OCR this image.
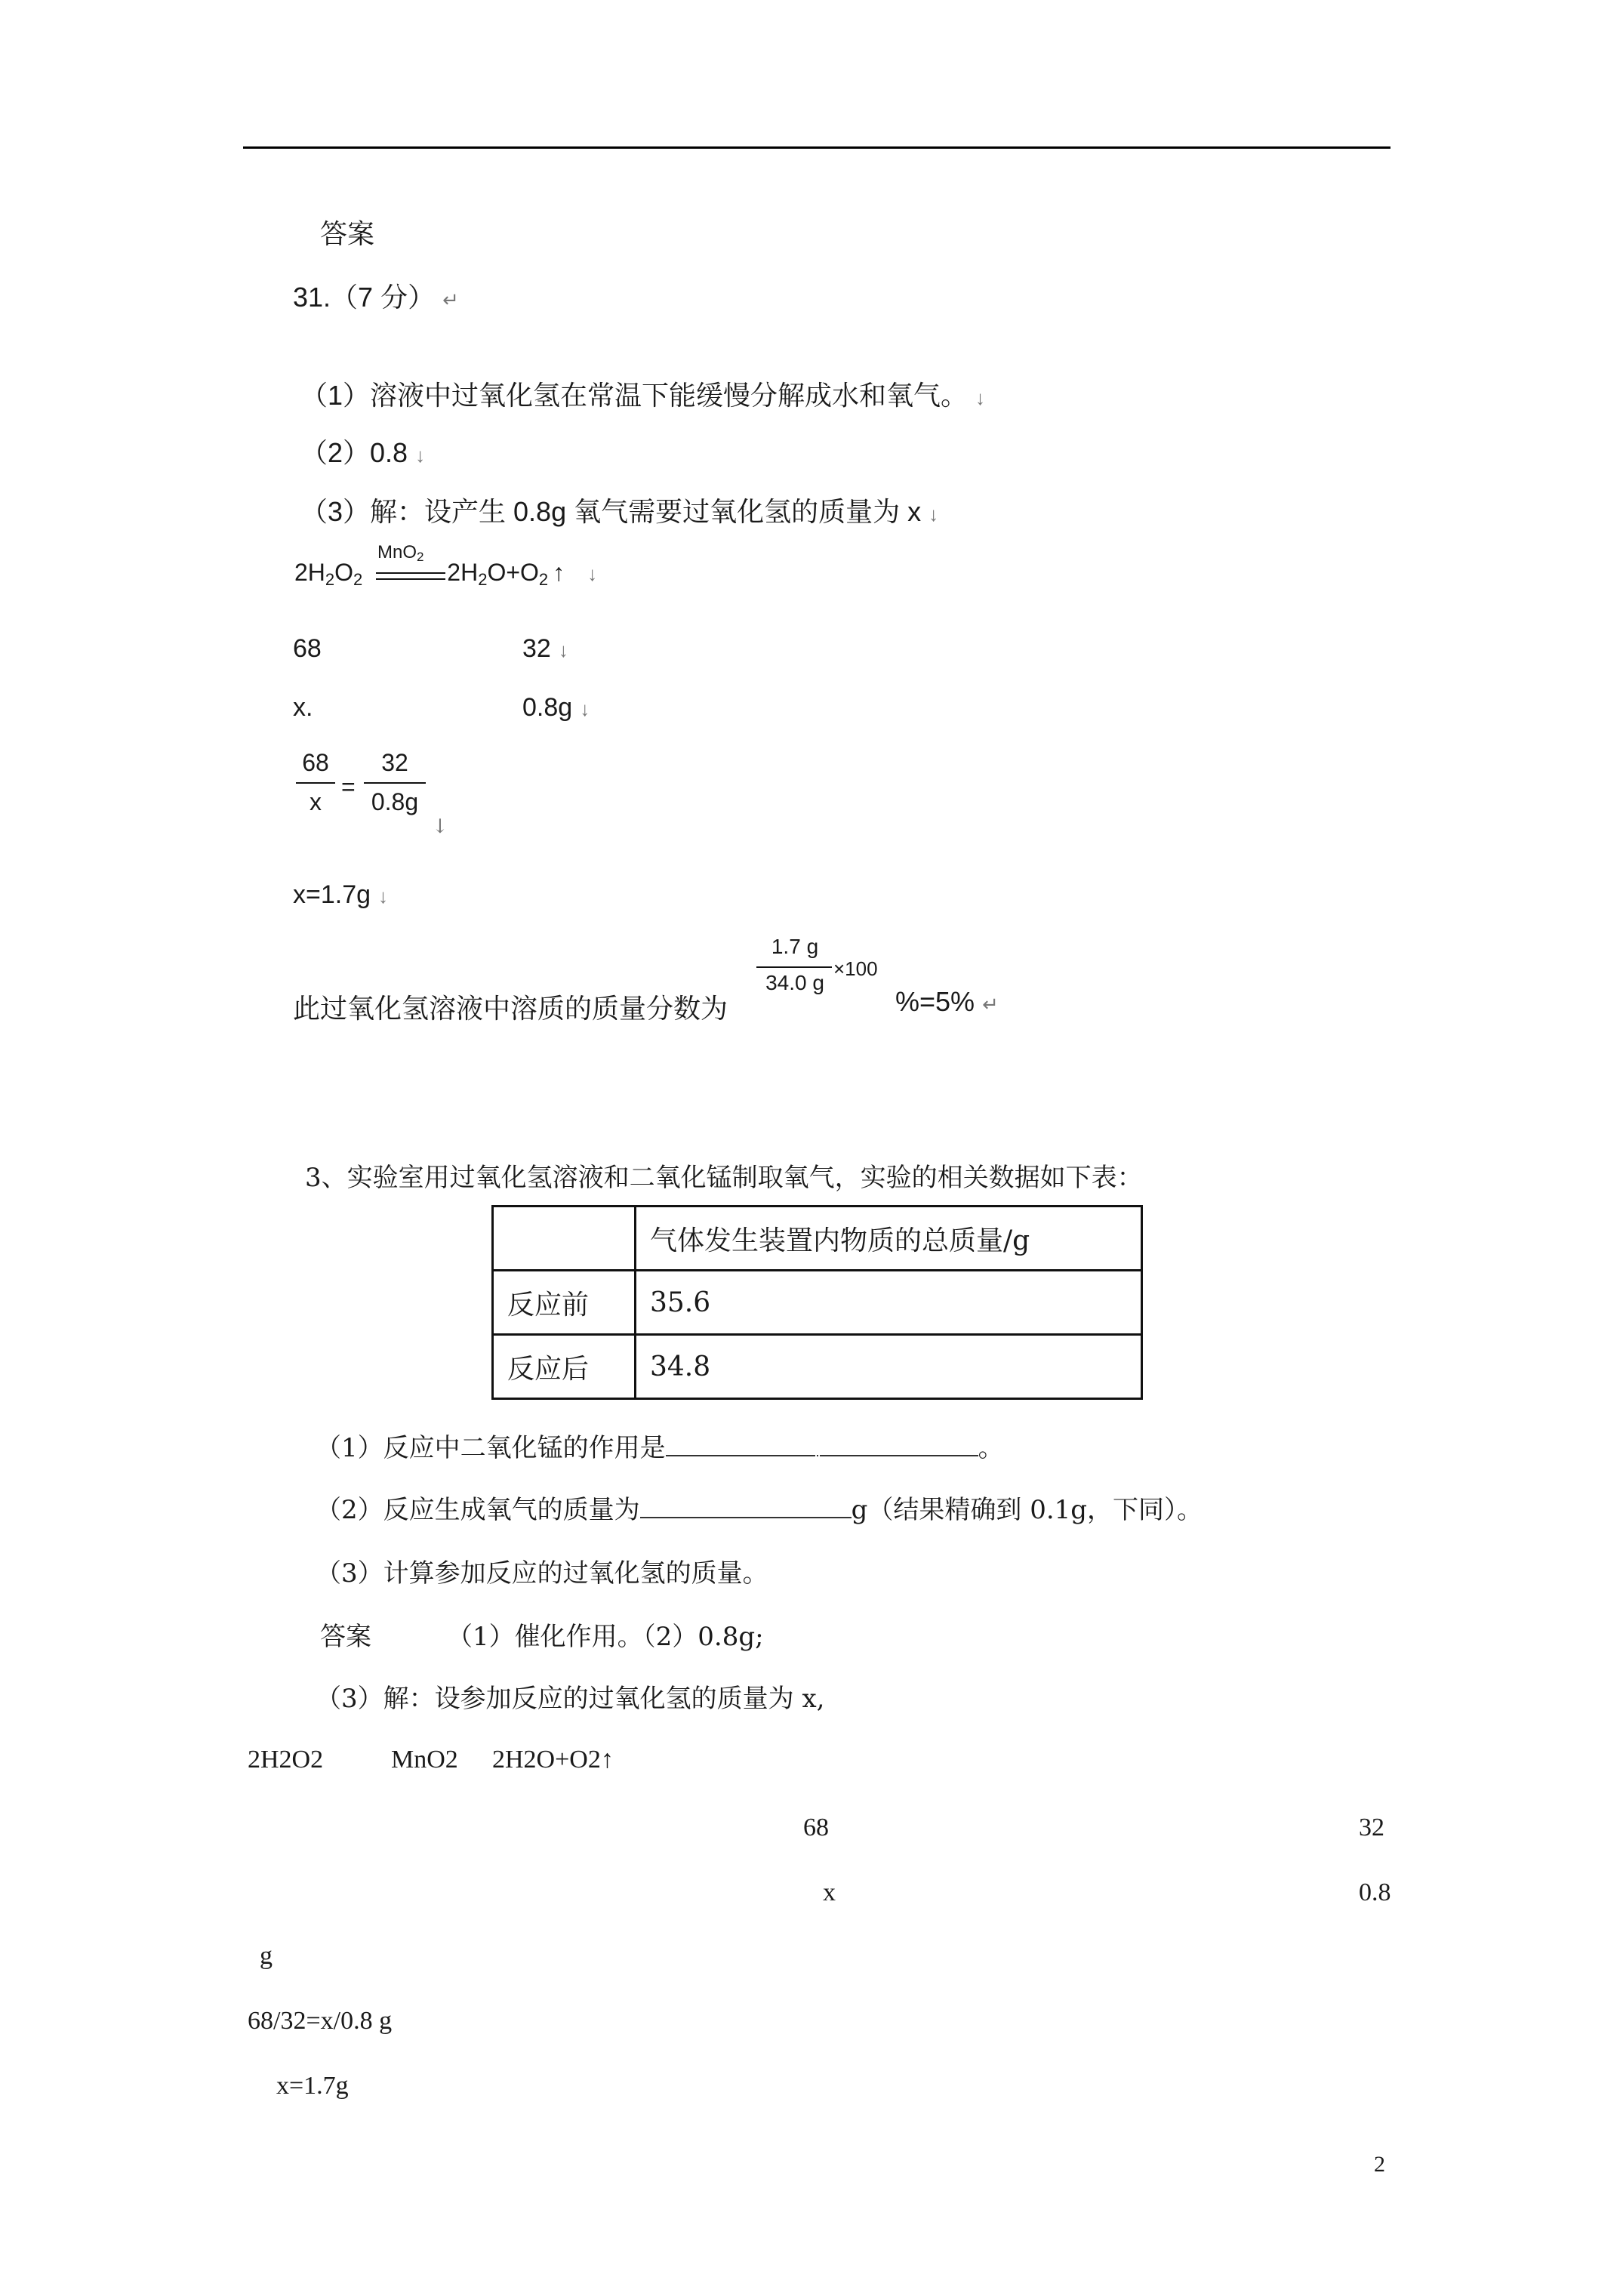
答案
31.（7 分） ↵
（1）溶液中过氧化氢在常温下能缓慢分解成水和氧气。 ↓
（2）0.8 ↓
（3）解：设产生 0.8g 氧气需要过氧化氢的质量为 x ↓
$2H_2O_2$	$2H_2O+O_2$ ↑ ↓
MnO$_2$
68	32 ↓
x.	0.8g ↓
68
x
=
32
0.8g
↓
x=1.7g ↓
此过氧化氢溶液中溶质的质量分数为
1.7 g
34.0 g
×100
%=5% ↵
3、实验室用过氧化氢溶液和二氧化锰制取氧气，实验的相关数据如下表：
	气体发生装置内物质的总质量/g
反应前	35.6
反应后	34.8
（1）反应中二氧化锰的作用是	。
（2）反应生成氧气的质量为	g（结果精确到 0.1g，下同）。
（3）计算参加反应的过氧化氢的质量。
答案	（1）催化作用。（2）0.8g;
（3）解：设参加反应的过氧化氢的质量为 x,
2H2O2	MnO2 2H2O+O2↑
68	32
x	0.8
g
68/32=x/0.8 g
x=1.7g
2
